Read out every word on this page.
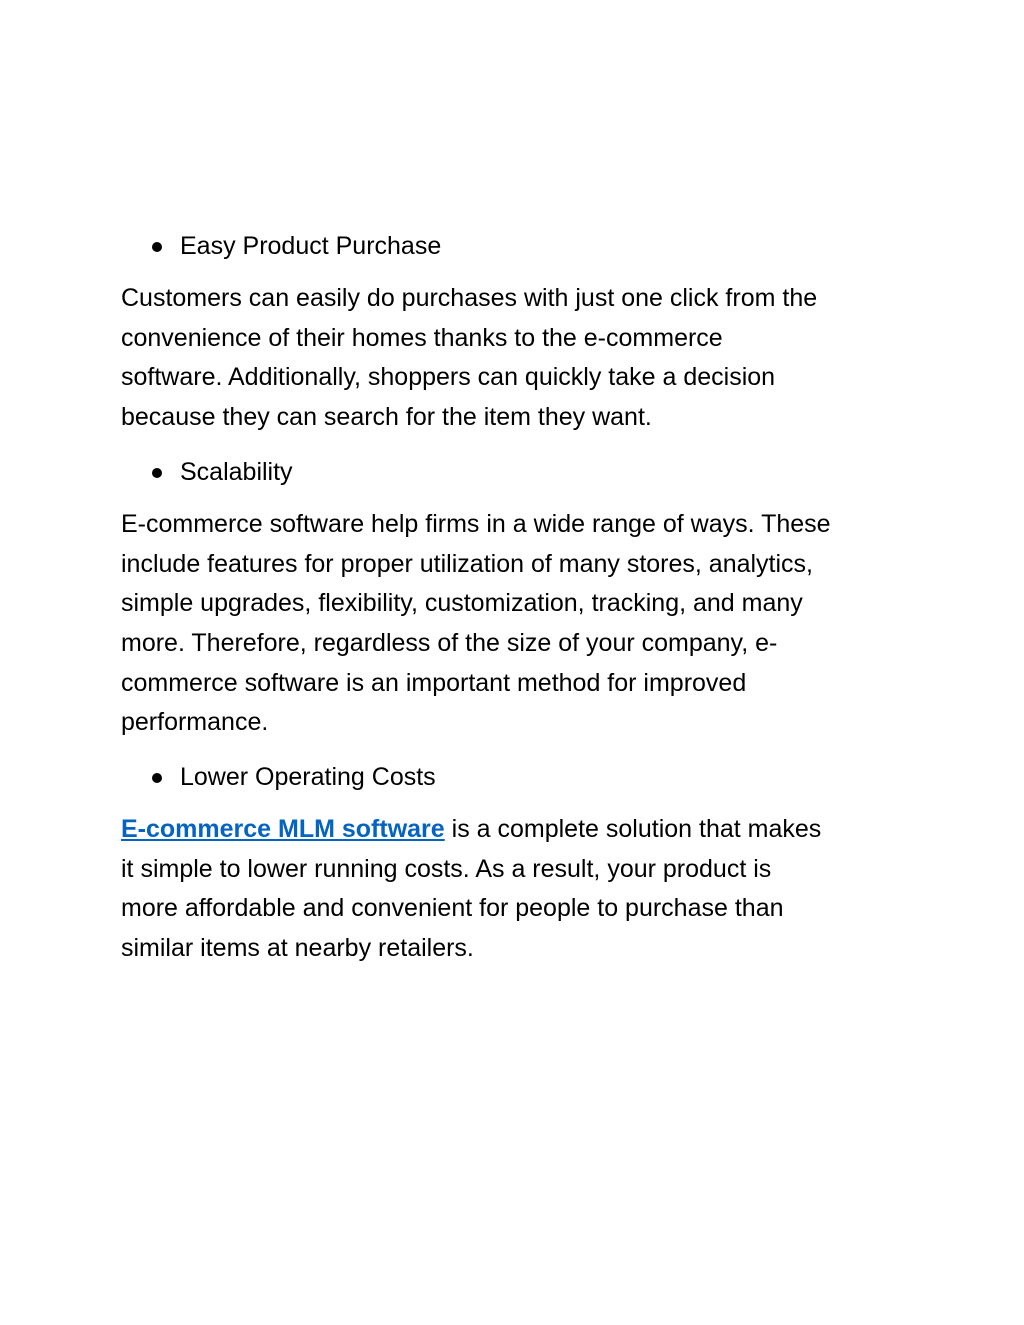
Easy Product Purchase

Customers can easily do purchases with just one click from the
convenience of their homes thanks to the e-commerce
software. Additionally, shoppers can quickly take a decision
because they can search for the item they want.

Scalability

E-commerce software help firms in a wide range of ways. These
include features for proper utilization of many stores, analytics,
simple upgrades, flexibility, customization, tracking, and many
more. Therefore, regardless of the size of your company, e-
commerce software is an important method for improved
performance.

Lower Operating Costs

E-commerce MLM software is a complete solution that makes
it simple to lower running costs. As a result, your product is
more affordable and convenient for people to purchase than
similar items at nearby retailers.
